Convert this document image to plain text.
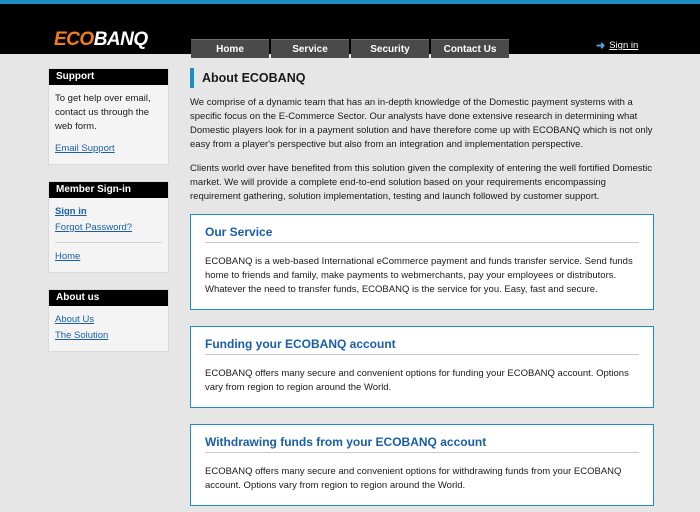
ECOBANQ	Home	Service	Security	Contact Us	➜ Sign in
Support

To get help over email, contact us through the web form.

Email Support
Member Sign-in
Sign in
Forgot Password?
Home
About us
About Us
The Solution
About ECOBANQ

We comprise of a dynamic team that has an in-depth knowledge of the Domestic payment systems with a specific focus on the E-Commerce Sector. Our analysts have done extensive research in determining what Domestic players look for in a payment solution and have therefore come up with ECOBANQ which is not only easy from a player's perspective but also from an integration and implementation perspective.

Clients world over have benefited from this solution given the complexity of entering the well fortified Domestic market. We will provide a complete end-to-end solution based on your requirements encompassing requirement gathering, solution implementation, testing and launch followed by customer support.

Our Service

ECOBANQ is a web-based International eCommerce payment and funds transfer service. Send funds home to friends and family, make payments to webmerchants, pay your employees or distributors. Whatever the need to transfer funds, ECOBANQ is the service for you. Easy, fast and secure.

Funding your ECOBANQ account

ECOBANQ offers many secure and convenient options for funding your ECOBANQ account. Options vary from region to region around the World.

Withdrawing funds from your ECOBANQ account

ECOBANQ offers many secure and convenient options for withdrawing funds from your ECOBANQ account. Options vary from region to region around the World.
